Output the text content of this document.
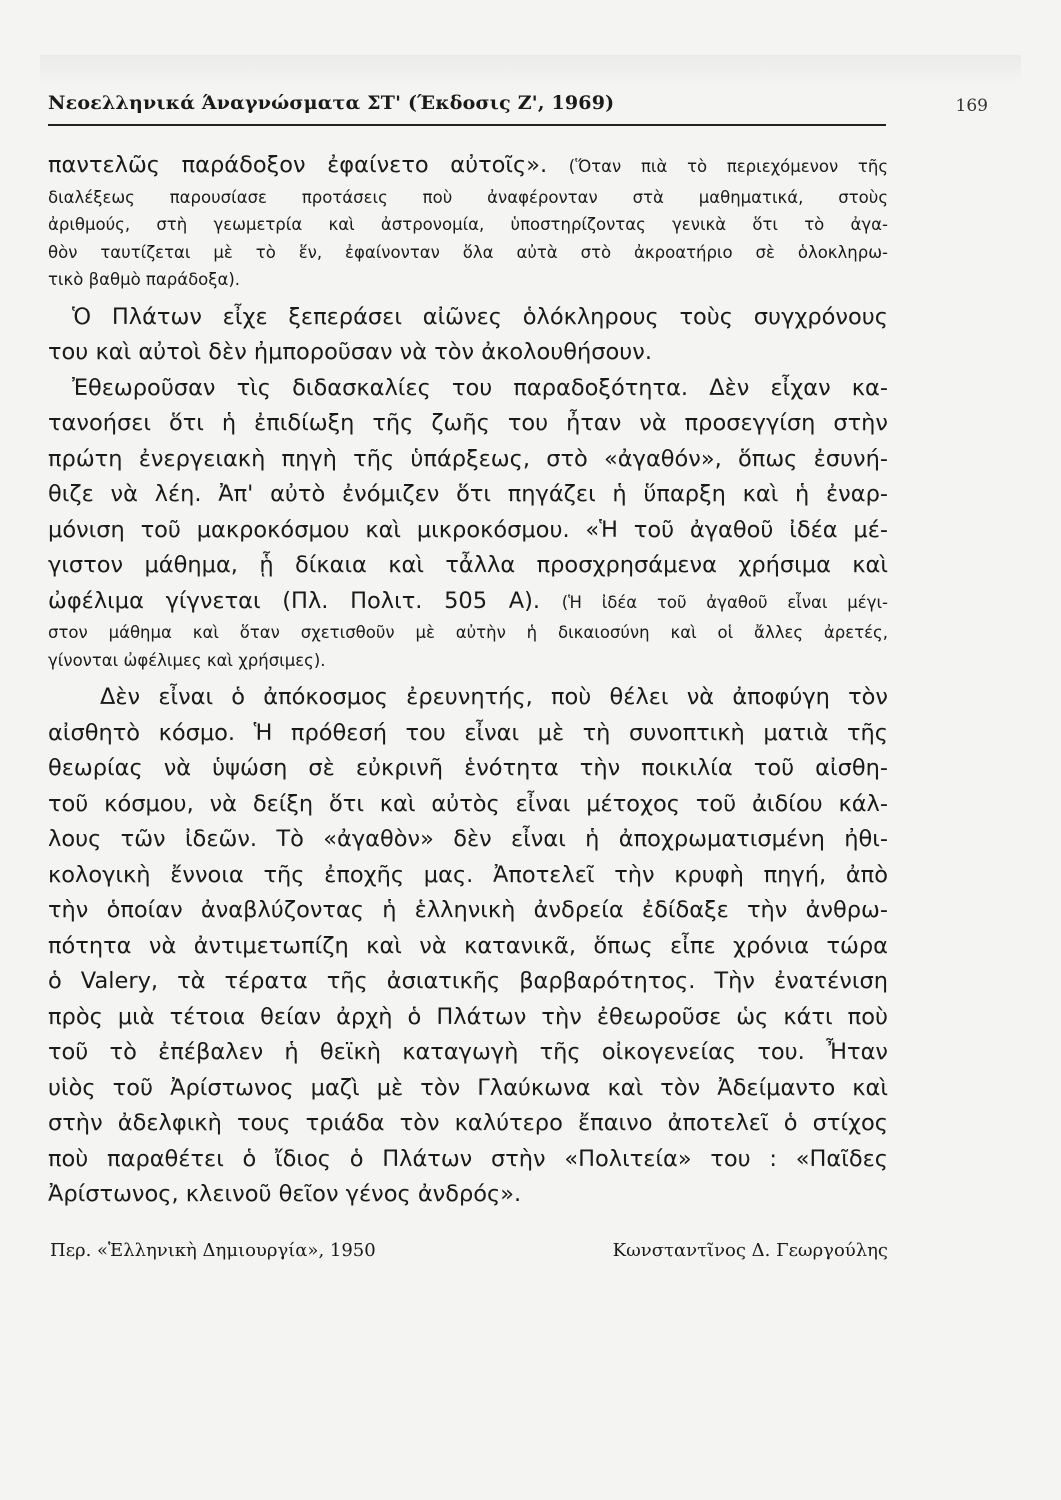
Νεοελληνικά Άναγνώσματα ΣΤ' (Έκδοσις Ζ', 1969)	169
παντελῶς παράδοξον ἐφαίνετο αὐτοῖς». (Ὅταν πιὰ τὸ περιεχόμενον τῆς
διαλέξεως παρουσίασε προτάσεις ποὺ ἀναφέρονταν στὰ μαθηματικά, στοὺς
ἀριθμούς, στὴ γεωμετρία καὶ ἀστρονομία, ὑποστηρίζοντας γενικὰ ὅτι τὸ ἀγα-
θὸν ταυτίζεται μὲ τὸ ἕν, ἐφαίνονταν ὅλα αὐτὰ στὸ ἀκροατήριο σὲ ὁλοκληρω-
τικὸ βαθμὸ παράδοξα).
Ὁ Πλάτων εἶχε ξεπεράσει αἰῶνες ὁλόκληρους τοὺς συγχρόνους
του καὶ αὐτοὶ δὲν ἠμποροῦσαν νὰ τὸν ἀκολουθήσουν.
Ἐθεωροῦσαν τὶς διδασκαλίες του παραδοξότητα. Δὲν εἶχαν κα-
τανοήσει ὅτι ἡ ἐπιδίωξη τῆς ζωῆς του ἦταν νὰ προσεγγίση στὴν
πρώτη ἐνεργειακὴ πηγὴ τῆς ὑπάρξεως, στὸ «ἀγαθόν», ὅπως ἐσυνή-
θιζε νὰ λέη. Ἀπ' αὐτὸ ἐνόμιζεν ὅτι πηγάζει ἡ ὕπαρξη καὶ ἡ ἐναρ-
μόνιση τοῦ μακροκόσμου καὶ μικροκόσμου. «Ἡ τοῦ ἀγαθοῦ ἰδέα μέ-
γιστον μάθημα, ᾗ δίκαια καὶ τἆλλα προσχρησάμενα χρήσιμα καὶ
ὠφέλιμα γίγνεται (Πλ. Πολιτ. 505 Α). (Ἡ ἰδέα τοῦ ἀγαθοῦ εἶναι μέγι-
στον μάθημα καὶ ὅταν σχετισθοῦν μὲ αὐτὴν ἡ δικαιοσύνη καὶ οἱ ἄλλες ἀρετές,
γίνονται ὠφέλιμες καὶ χρήσιμες).
Δὲν εἶναι ὁ ἀπόκοσμος ἐρευνητής, ποὺ θέλει νὰ ἀποφύγη τὸν
αἰσθητὸ κόσμο. Ἡ πρόθεσή του εἶναι μὲ τὴ συνοπτικὴ ματιὰ τῆς
θεωρίας νὰ ὑψώση σὲ εὐκρινῆ ἑνότητα τὴν ποικιλία τοῦ αἰσθη-
τοῦ κόσμου, νὰ δείξη ὅτι καὶ αὐτὸς εἶναι μέτοχος τοῦ ἀιδίου κάλ-
λους τῶν ἰδεῶν. Τὸ «ἀγαθὸν» δὲν εἶναι ἡ ἀποχρωματισμένη ἠθι-
κολογικὴ ἔννοια τῆς ἐποχῆς μας. Ἀποτελεῖ τὴν κρυφὴ πηγή, ἀπὸ
τὴν ὁποίαν ἀναβλύζοντας ἡ ἑλληνικὴ ἀνδρεία ἐδίδαξε τὴν ἀνθρω-
πότητα νὰ ἀντιμετωπίζη καὶ νὰ κατανικᾶ, ὅπως εἶπε χρόνια τώρα
ὁ Valery, τὰ τέρατα τῆς ἀσιατικῆς βαρβαρότητος. Τὴν ἐνατένιση
πρὸς μιὰ τέτοια θείαν ἀρχὴ ὁ Πλάτων τὴν ἐθεωροῦσε ὡς κάτι ποὺ
τοῦ τὸ ἐπέβαλεν ἡ θεϊκὴ καταγωγὴ τῆς οἰκογενείας του. Ἦταν
υἱὸς τοῦ Ἀρίστωνος μαζὶ μὲ τὸν Γλαύκωνα καὶ τὸν Ἀδείμαντο καὶ
στὴν ἀδελφικὴ τους τριάδα τὸν καλύτερο ἔπαινο ἀποτελεῖ ὁ στίχος
ποὺ παραθέτει ὁ ἴδιος ὁ Πλάτων στὴν «Πολιτεία» του : «Παῖδες
Ἀρίστωνος, κλεινοῦ θεῖον γένος ἀνδρός».
Περ. «Ἑλληνικὴ Δημιουργία», 1950	Κωνσταντῖνος Δ. Γεωργούλης
